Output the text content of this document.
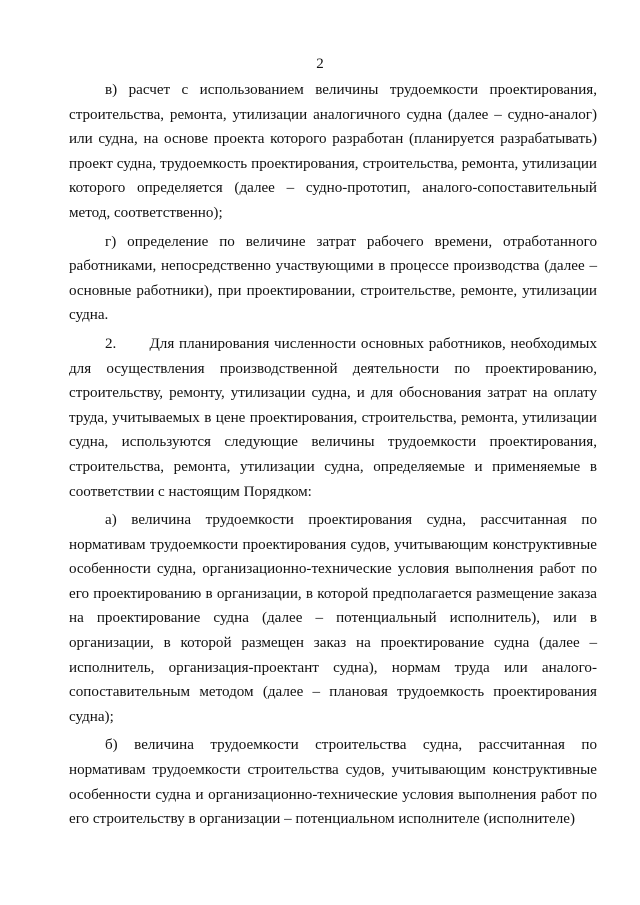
2

в) расчет с использованием величины трудоемкости проектирования, строительства, ремонта, утилизации аналогичного судна (далее – судно-аналог) или судна, на основе проекта которого разработан (планируется разрабатывать) проект судна, трудоемкость проектирования, строительства, ремонта, утилизации которого определяется (далее – судно-прототип, аналого-сопоставительный метод, соответственно);

г) определение по величине затрат рабочего времени, отработанного работниками, непосредственно участвующими в процессе производства (далее – основные работники), при проектировании, строительстве, ремонте, утилизации судна.

2.       Для планирования численности основных работников, необходимых для осуществления производственной деятельности по проектированию, строительству, ремонту, утилизации судна, и для обоснования затрат на оплату труда, учитываемых в цене проектирования, строительства, ремонта, утилизации судна, используются следующие величины трудоемкости проектирования, строительства, ремонта, утилизации судна, определяемые и применяемые в соответствии с настоящим Порядком:

а) величина трудоемкости проектирования судна, рассчитанная по нормативам трудоемкости проектирования судов, учитывающим конструктивные особенности судна, организационно-технические условия выполнения работ по его проектированию в организации, в которой предполагается размещение заказа на проектирование судна (далее – потенциальный исполнитель), или в организации, в которой размещен заказ на проектирование судна (далее – исполнитель, организация-проектант судна), нормам труда или аналого-сопоставительным методом (далее – плановая трудоемкость проектирования судна);

б) величина трудоемкости строительства судна, рассчитанная по нормативам трудоемкости строительства судов, учитывающим конструктивные особенности судна и организационно-технические условия выполнения работ по его строительству в организации – потенциальном исполнителе (исполнителе)
